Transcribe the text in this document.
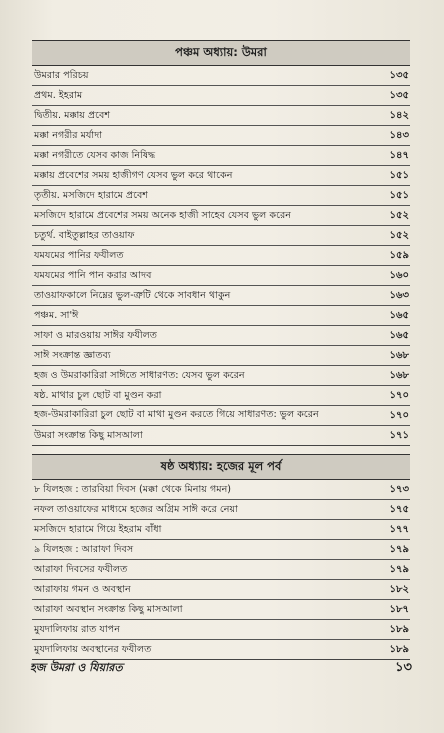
পঞ্চম অধ্যায়: উমরা
উমরার পরিচয়	১৩৫
প্রথম. ইহরাম	১৩৫
দ্বিতীয়. মক্কায় প্রবেশ	১৪২
মক্কা নগরীর মর্যাদা	১৪৩
মক্কা নগরীতে যেসব কাজ নিষিদ্ধ	১৪৭
মক্কায় প্রবেশের সময় হাজীগণ যেসব ভুল করে থাকেন	১৫১
তৃতীয়. মসজিদে হারামে প্রবেশ	১৫১
মসজিদে হারামে প্রবেশের সময় অনেক হাজী সাহেব যেসব ভুল করেন	১৫২
চতুর্থ. বাইতুল্লাহর তাওয়াফ	১৫২
যমযমের পানির ফযীলত	১৫৯
যমযমের পানি পান করার আদব	১৬০
তাওয়াফকালে নিম্নের ভুল-ত্রুটি থেকে সাবধান থাকুন	১৬৩
পঞ্চম. সা'ঈ	১৬৫
সাফা ও মারওয়ায় সাঈর ফযীলত	১৬৫
সাঈ সংক্রান্ত জ্ঞাতব্য	১৬৮
হজ ও উমরাকারিরা সাঈতে সাধারণত: যেসব ভুল করেন	১৬৮
ষষ্ঠ. মাথার চুল ছোট বা মুণ্ডন করা	১৭০
হজ-উমরাকারিরা চুল ছোট বা মাথা মুণ্ডন করতে গিয়ে সাধারণত: ভুল করেন	১৭০
উমরা সংক্রান্ত কিছু মাসআলা	১৭১
ষষ্ঠ অধ্যায়: হজের মূল পর্ব
৮ যিলহজ : তারবিয়া দিবস (মক্কা থেকে মিনায় গমন)	১৭৩
নফল তাওয়াফের মাধ্যমে হজের অগ্রিম সাঈ করে নেয়া	১৭৫
মসজিদে হারামে গিয়ে ইহরাম বাঁধা	১৭৭
৯ যিলহজ : আরাফা দিবস	১৭৯
আরাফা দিবসের ফযীলত	১৭৯
আরাফায় গমন ও অবস্থান	১৮২
আরাফা অবস্থান সংক্রান্ত কিছু মাসআলা	১৮৭
মুযদালিফায় রাত যাপন	১৮৯
মুযদালিফায় অবস্থানের ফযীলত	১৮৯
হজ উমরা ও যিয়ারত	১৩
